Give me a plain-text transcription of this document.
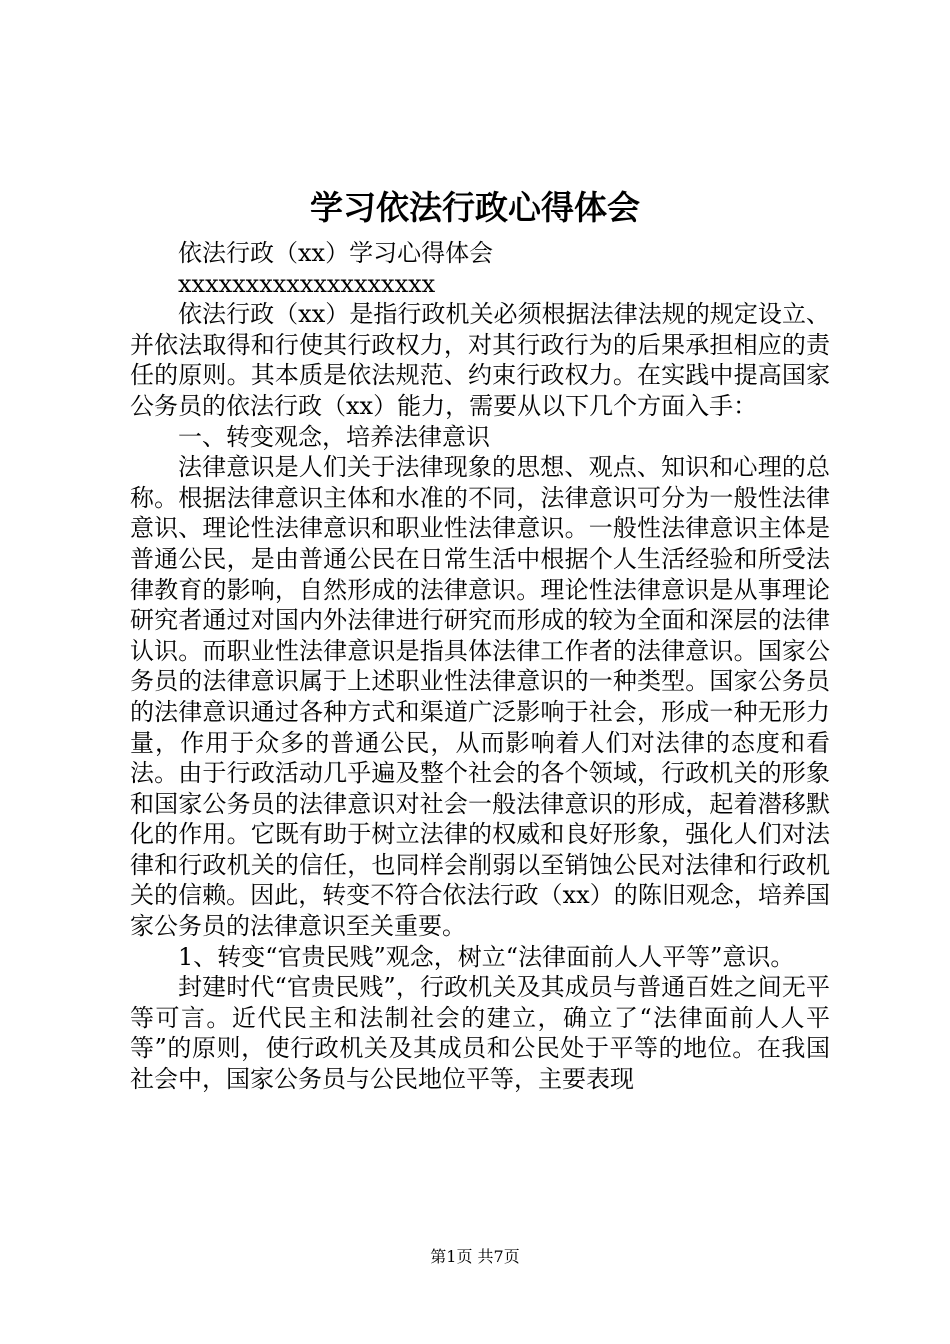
学习依法行政心得体会

依法行政（xx）学习心得体会

xxxxxxxxxxxxxxxxxxx

依法行政（xx）是指行政机关必须根据法律法规的规定设立、并依法取得和行使其行政权力，对其行政行为的后果承担相应的责任的原则。其本质是依法规范、约束行政权力。在实践中提高国家公务员的依法行政（xx）能力，需要从以下几个方面入手：

一、转变观念，培养法律意识

法律意识是人们关于法律现象的思想、观点、知识和心理的总称。根据法律意识主体和水准的不同，法律意识可分为一般性法律意识、理论性法律意识和职业性法律意识。一般性法律意识主体是普通公民，是由普通公民在日常生活中根据个人生活经验和所受法律教育的影响，自然形成的法律意识。理论性法律意识是从事理论研究者通过对国内外法律进行研究而形成的较为全面和深层的法律认识。而职业性法律意识是指具体法律工作者的法律意识。国家公务员的法律意识属于上述职业性法律意识的一种类型。国家公务员的法律意识通过各种方式和渠道广泛影响于社会，形成一种无形力量，作用于众多的普通公民，从而影响着人们对法律的态度和看法。由于行政活动几乎遍及整个社会的各个领域，行政机关的形象和国家公务员的法律意识对社会一般法律意识的形成，起着潜移默化的作用。它既有助于树立法律的权威和良好形象，强化人们对法律和行政机关的信任，也同样会削弱以至销蚀公民对法律和行政机关的信赖。因此，转变不符合依法行政（xx）的陈旧观念，培养国家公务员的法律意识至关重要。

1、转变“官贵民贱”观念，树立“法律面前人人平等”意识。

封建时代“官贵民贱”，行政机关及其成员与普通百姓之间无平等可言。近代民主和法制社会的建立，确立了“法律面前人人平等”的原则，使行政机关及其成员和公民处于平等的地位。在我国社会中，国家公务员与公民地位平等，主要表现

第1页 共7页
